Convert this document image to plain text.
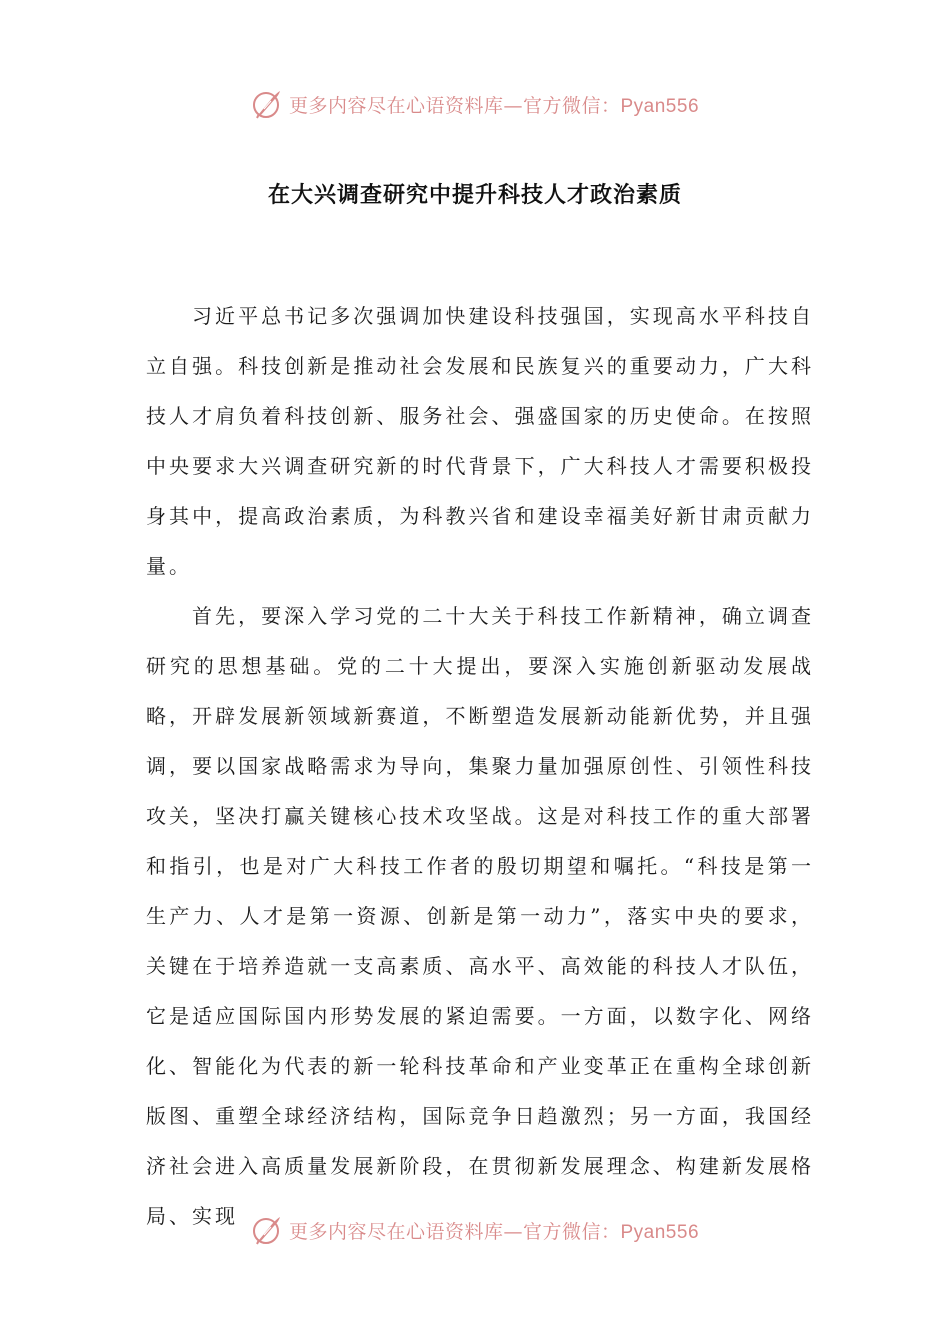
更多内容尽在心语资料库—官方微信：Pyan556
在大兴调查研究中提升科技人才政治素质

习近平总书记多次强调加快建设科技强国，实现高水平科技自立自强。科技创新是推动社会发展和民族复兴的重要动力，广大科技人才肩负着科技创新、服务社会、强盛国家的历史使命。在按照中央要求大兴调查研究新的时代背景下，广大科技人才需要积极投身其中，提高政治素质，为科教兴省和建设幸福美好新甘肃贡献力量。

首先，要深入学习党的二十大关于科技工作新精神，确立调查研究的思想基础。党的二十大提出，要深入实施创新驱动发展战略，开辟发展新领域新赛道，不断塑造发展新动能新优势，并且强调，要以国家战略需求为导向，集聚力量加强原创性、引领性科技攻关，坚决打赢关键核心技术攻坚战。这是对科技工作的重大部署和指引，也是对广大科技工作者的殷切期望和嘱托。“科技是第一生产力、人才是第一资源、创新是第一动力”，落实中央的要求，关键在于培养造就一支高素质、高水平、高效能的科技人才队伍，它是适应国际国内形势发展的紧迫需要。一方面，以数字化、网络化、智能化为代表的新一轮科技革命和产业变革正在重构全球创新版图、重塑全球经济结构，国际竞争日趋激烈；另一方面，我国经济社会进入高质量发展新阶段，在贯彻新发展理念、构建新发展格局、实现

更多内容尽在心语资料库—官方微信：Pyan556
